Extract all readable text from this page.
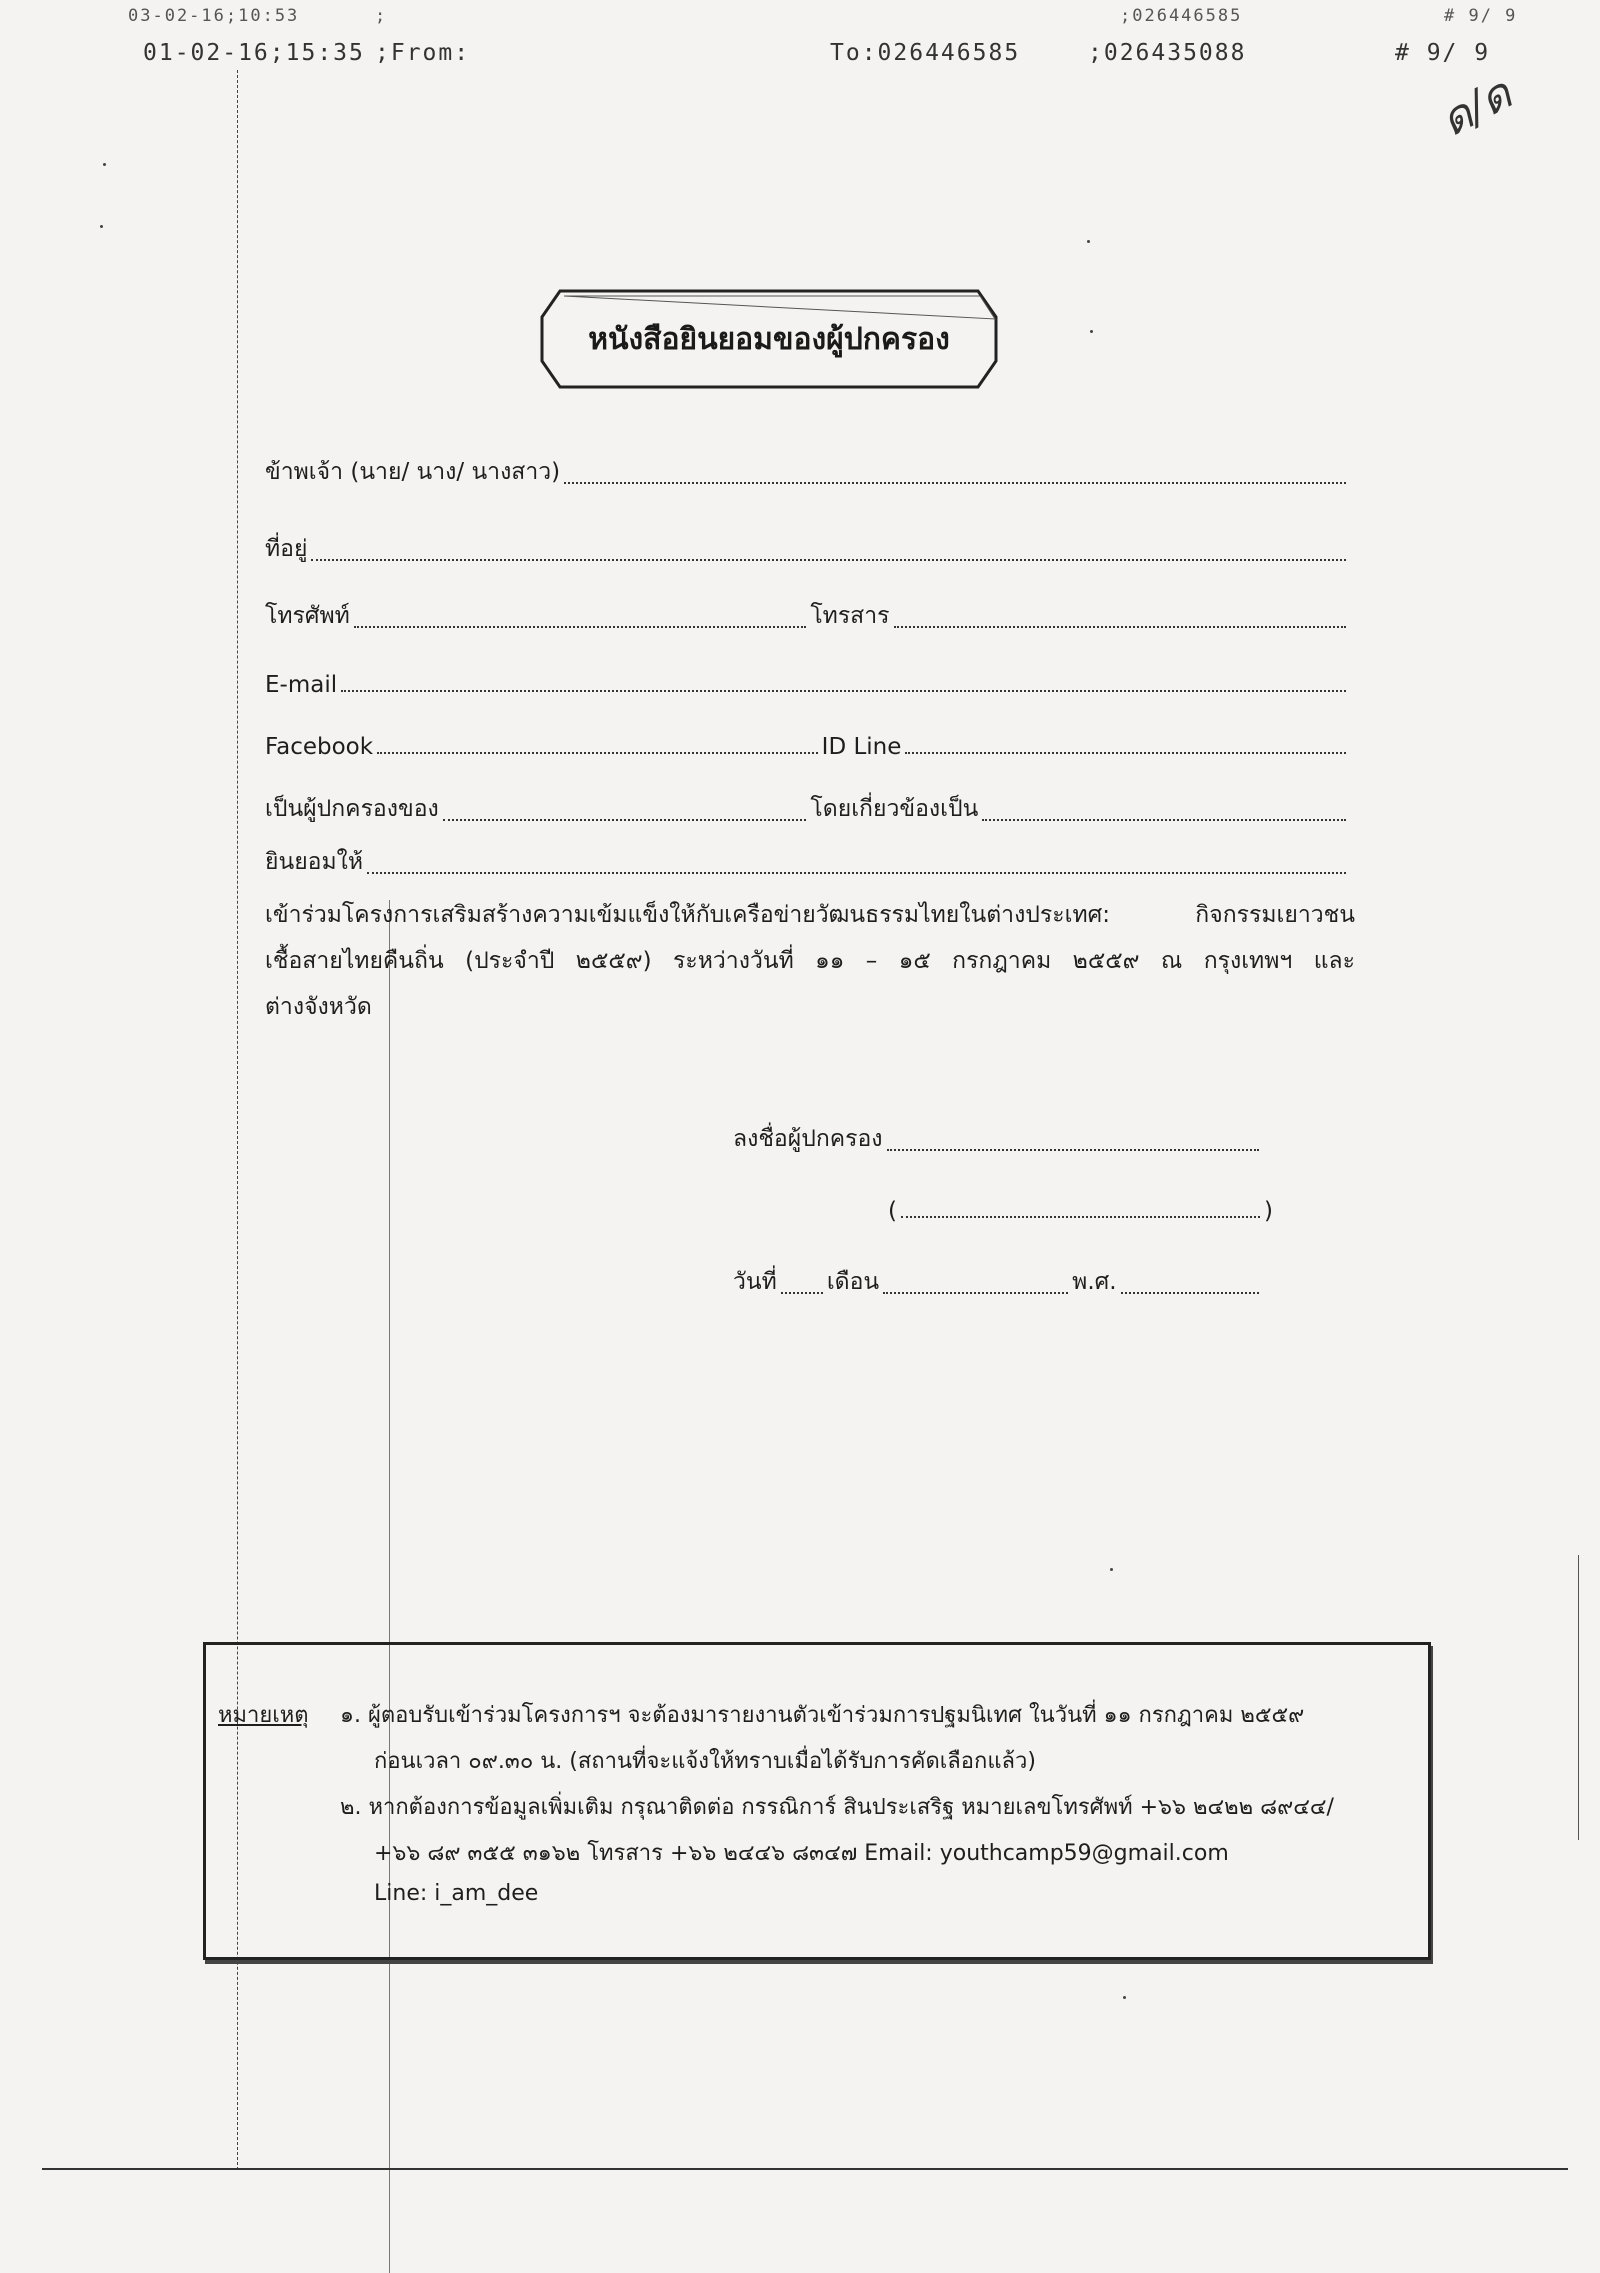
03-02-16;10:53	;	;026446585	# 9/ 9
01-02-16;15:35 ;From:	To:026446585	;026435088	# 9/ 9
ด/ด
หนังสือยินยอมของผู้ปกครอง
ข้าพเจ้า (นาย/ นาง/ นางสาว)
ที่อยู่
โทรศัพท์	โทรสาร
E-mail
Facebook	ID Line
เป็นผู้ปกครองของ	โดยเกี่ยวข้องเป็น
ยินยอมให้
เข้าร่วมโครงการเสริมสร้างความเข้มแข็งให้กับเครือข่ายวัฒนธรรมไทยในต่างประเทศ: กิจกรรมเยาวชน
เชื้อสายไทยคืนถิ่น (ประจำปี ๒๕๕๙) ระหว่างวันที่ ๑๑ – ๑๕ กรกฎาคม ๒๕๕๙ ณ กรุงเทพฯ และ
ต่างจังหวัด
ลงชื่อผู้ปกครอง
(	)
วันที่ เดือน	พ.ศ.
หมายเหตุ ๑. ผู้ตอบรับเข้าร่วมโครงการฯ จะต้องมารายงานตัวเข้าร่วมการปฐมนิเทศ ในวันที่ ๑๑ กรกฎาคม ๒๕๕๙
ก่อนเวลา ๐๙.๓๐ น. (สถานที่จะแจ้งให้ทราบเมื่อได้รับการคัดเลือกแล้ว)
๒. หากต้องการข้อมูลเพิ่มเติม กรุณาติดต่อ กรรณิการ์ สินประเสริฐ หมายเลขโทรศัพท์ +๖๖ ๒๔๒๒ ๘๙๔๔/
+๖๖ ๘๙ ๓๕๕ ๓๑๖๒ โทรสาร +๖๖ ๒๔๔๖ ๘๓๔๗ Email: youthcamp59@gmail.com
Line: i_am_dee
